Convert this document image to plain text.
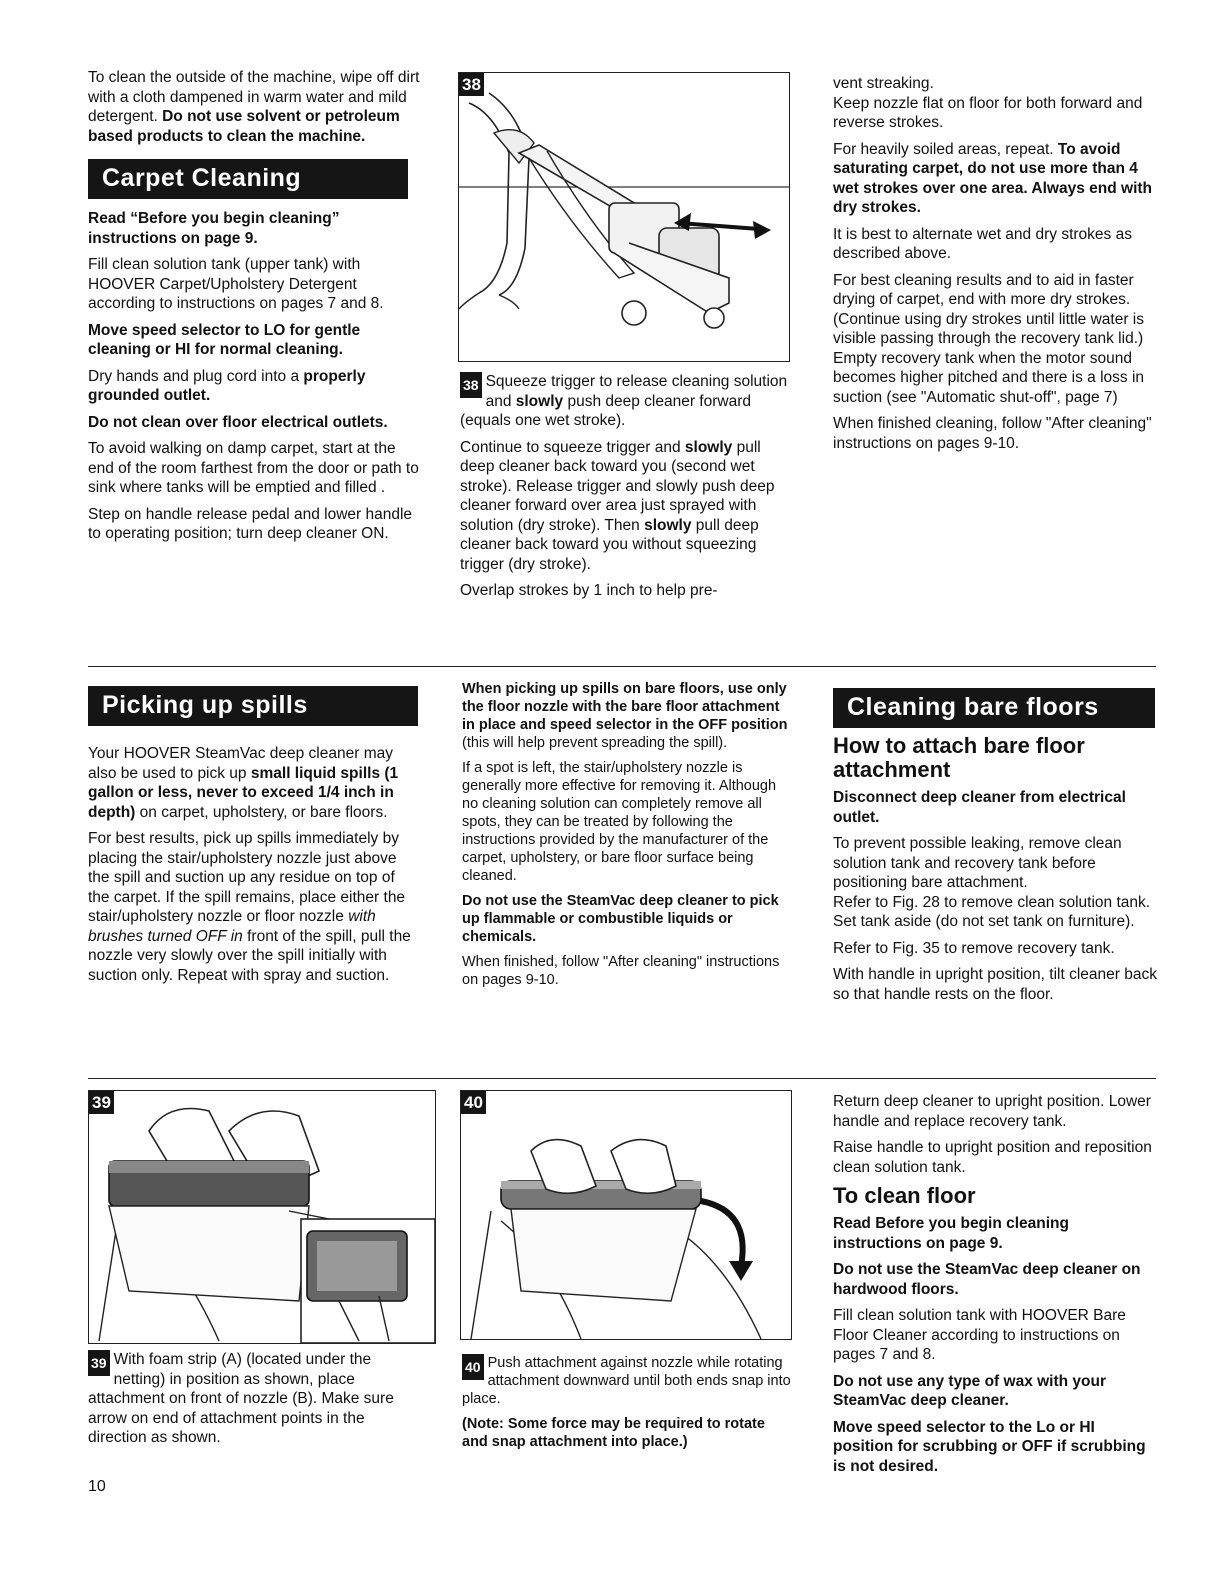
To clean the outside of the machine, wipe off dirt with a cloth dampened in warm water and mild detergent. Do not use solvent or petroleum based products to clean the machine.

Carpet Cleaning

Read “Before you begin cleaning” instructions on page 9.

Fill clean solution tank (upper tank) with HOOVER Carpet/Upholstery Detergent according to instructions on pages 7 and 8.

Move speed selector to LO for gentle cleaning or HI for normal cleaning.

Dry hands and plug cord into a properly grounded outlet.

Do not clean over floor electrical outlets.

To avoid walking on damp carpet, start at the end of the room farthest from the door or path to sink where tanks will be emptied and filled .

Step on handle release pedal and lower handle to operating position; turn deep cleaner ON.

38

38 Squeeze trigger to release cleaning solution and slowly push deep cleaner forward (equals one wet stroke).

Continue to squeeze trigger and slowly pull deep cleaner back toward you (second wet stroke). Release trigger and slowly push deep cleaner forward over area just sprayed with solution (dry stroke). Then slowly pull deep cleaner back toward you without squeezing trigger (dry stroke).

Overlap strokes by 1 inch to help pre-

vent streaking.

Keep nozzle flat on floor for both forward and reverse strokes.

For heavily soiled areas, repeat. To avoid saturating carpet, do not use more than 4 wet strokes over one area. Always end with dry strokes.

It is best to alternate wet and dry strokes as described above.

For best cleaning results and to aid in faster drying of carpet, end with more dry strokes. (Continue using dry strokes until little water is visible passing through the recovery tank lid.)

Empty recovery tank when the motor sound becomes higher pitched and there is a loss in suction (see "Automatic shut-off", page 7)

When finished cleaning, follow "After cleaning" instructions on pages 9-10.

Picking up spills

Your HOOVER SteamVac deep cleaner may also be used to pick up small liquid spills (1 gallon or less, never to exceed 1/4 inch in depth) on carpet, upholstery, or bare floors.

For best results, pick up spills immediately by placing the stair/upholstery nozzle just above the spill and suction up any residue on top of the carpet. If the spill remains, place either the stair/upholstery nozzle or floor nozzle with brushes turned OFF in front of the spill, pull the nozzle very slowly over the spill initially with suction only. Repeat with spray and suction.

When picking up spills on bare floors, use only the floor nozzle with the bare floor attachment in place and speed selector in the OFF position (this will help prevent spreading the spill).

If a spot is left, the stair/upholstery nozzle is generally more effective for removing it. Although no cleaning solution can completely remove all spots, they can be treated by following the instructions provided by the manufacturer of the carpet, upholstery, or bare floor surface being cleaned.

Do not use the SteamVac deep cleaner to pick up flammable or combustible liquids or chemicals.

When finished, follow "After cleaning" instructions on pages 9-10.

Cleaning bare floors
How to attach bare floor attachment

Disconnect deep cleaner from electrical outlet.

To prevent possible leaking, remove clean solution tank and recovery tank before positioning bare attachment.

Refer to Fig. 28 to remove clean solution tank. Set tank aside (do not set tank on furniture).

Refer to Fig. 35 to remove recovery tank.

With handle in upright position, tilt cleaner back so that handle rests on the floor.

39

39 With foam strip (A) (located under the netting) in position as shown, place attachment on front of nozzle (B). Make sure arrow on end of attachment points in the direction as shown.

40

40 Push attachment against nozzle while rotating attachment downward until both ends snap into place.

(Note: Some force may be required to rotate and snap attachment into place.)

Return deep cleaner to upright position. Lower handle and replace recovery tank.

Raise handle to upright position and reposition clean solution tank.

To clean floor

Read Before you begin cleaning instructions on page 9.

Do not use the SteamVac deep cleaner on hardwood floors.

Fill clean solution tank with HOOVER Bare Floor Cleaner according to instructions on pages 7 and 8.

Do not use any type of wax with your SteamVac deep cleaner.

Move speed selector to the Lo or HI position for scrubbing or OFF if scrubbing is not desired.

10
